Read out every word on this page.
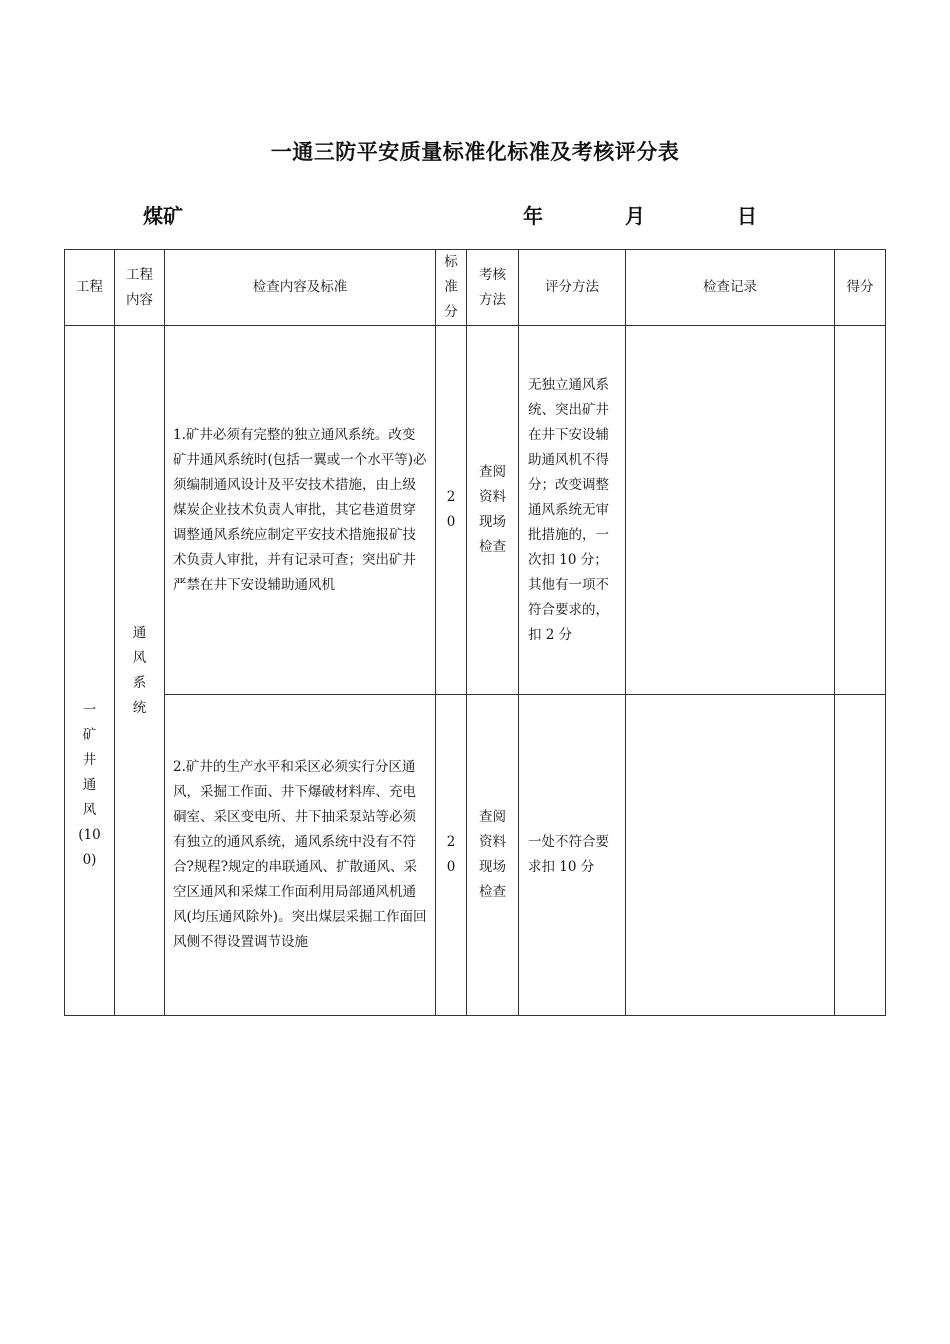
一通三防平安质量标准化标准及考核评分表
煤矿	年	月	日
工程	工程内容	检查内容及标准	标准分	考核方法	评分方法	检查记录	得分
一矿井通风(100)	通风系统	1.矿井必须有完整的独立通风系统。改变矿井通风系统时(包括一翼或一个水平等)必须编制通风设计及平安技术措施，由上级煤炭企业技术负责人审批，其它巷道贯穿调整通风系统应制定平安技术措施报矿技术负责人审批，并有记录可查；突出矿井严禁在井下安设辅助通风机	20	查阅资料现场检查	无独立通风系统、突出矿井在井下安设辅助通风机不得分；改变调整通风系统无审批措施的，一次扣 10 分；其他有一项不符合要求的，扣 2 分		
		2.矿井的生产水平和采区必须实行分区通风，采掘工作面、井下爆破材料库、充电硐室、采区变电所、井下抽采泵站等必须有独立的通风系统，通风系统中没有不符合?规程?规定的串联通风、扩散通风、采空区通风和采煤工作面利用局部通风机通风(均压通风除外)。突出煤层采掘工作面回风侧不得设置调节设施	20	查阅资料现场检查	一处不符合要求扣 10 分		
